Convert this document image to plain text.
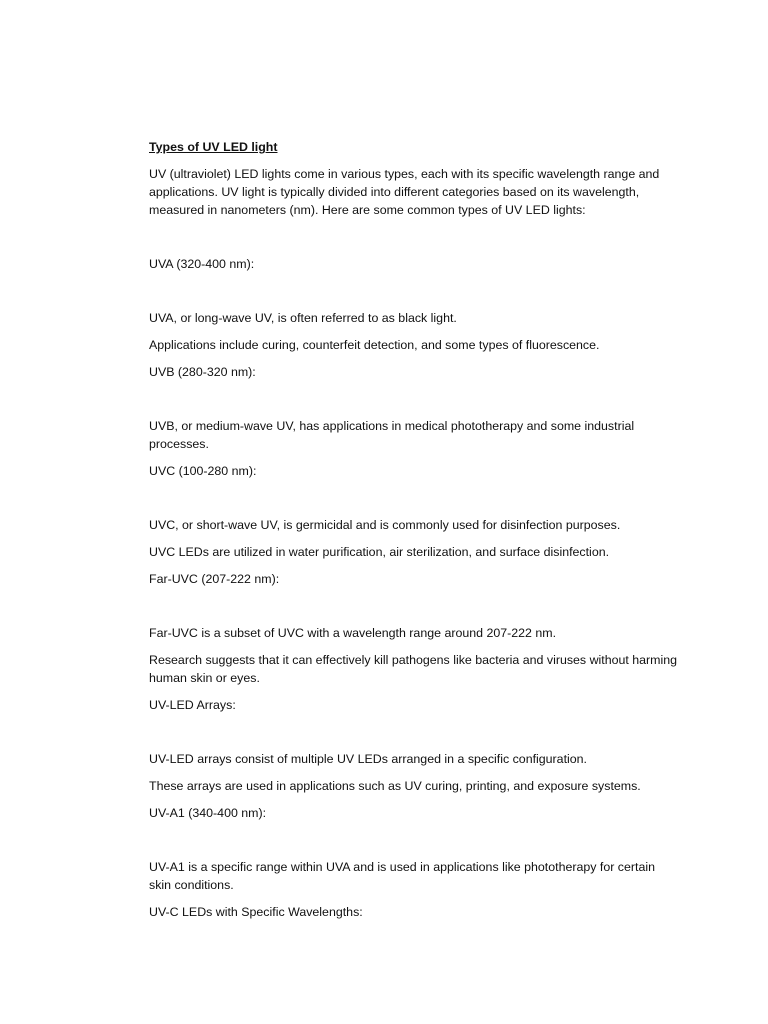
Types of UV LED light

UV (ultraviolet) LED lights come in various types, each with its specific wavelength range and applications. UV light is typically divided into different categories based on its wavelength, measured in nanometers (nm). Here are some common types of UV LED lights:

UVA (320-400 nm):

UVA, or long-wave UV, is often referred to as black light.

Applications include curing, counterfeit detection, and some types of fluorescence.

UVB (280-320 nm):

UVB, or medium-wave UV, has applications in medical phototherapy and some industrial processes.

UVC (100-280 nm):

UVC, or short-wave UV, is germicidal and is commonly used for disinfection purposes.

UVC LEDs are utilized in water purification, air sterilization, and surface disinfection.

Far-UVC (207-222 nm):

Far-UVC is a subset of UVC with a wavelength range around 207-222 nm.

Research suggests that it can effectively kill pathogens like bacteria and viruses without harming human skin or eyes.

UV-LED Arrays:

UV-LED arrays consist of multiple UV LEDs arranged in a specific configuration.

These arrays are used in applications such as UV curing, printing, and exposure systems.

UV-A1 (340-400 nm):

UV-A1 is a specific range within UVA and is used in applications like phototherapy for certain skin conditions.

UV-C LEDs with Specific Wavelengths:
